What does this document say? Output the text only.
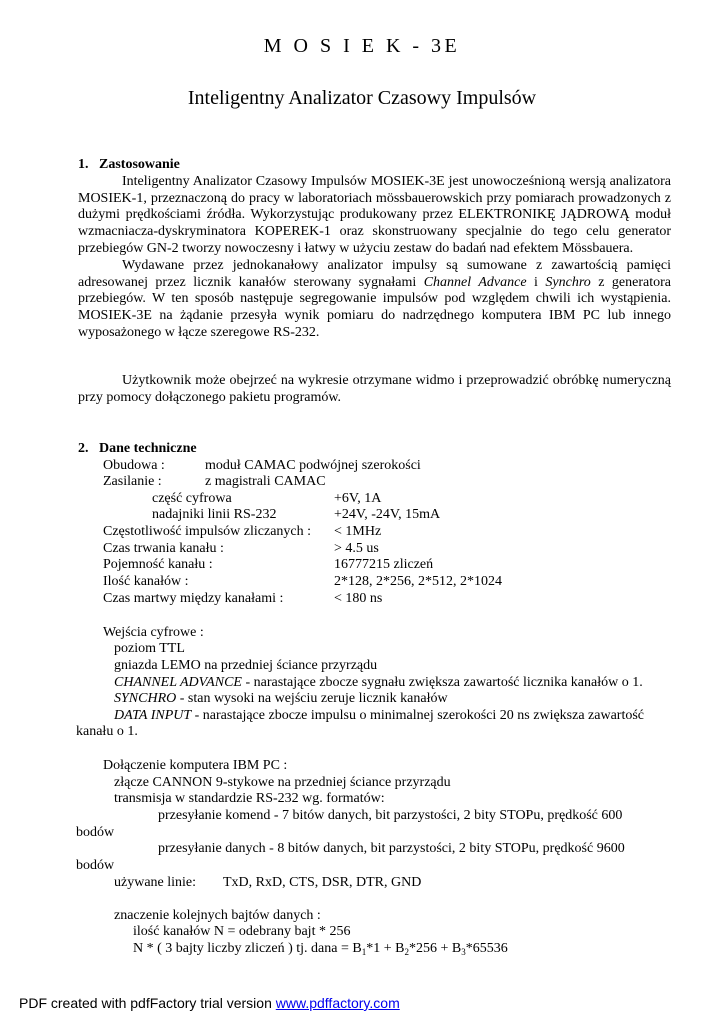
M O S I E K - 3E
Inteligentny Analizator Czasowy Impulsów

1. Zastosowanie

Inteligentny Analizator Czasowy Impulsów MOSIEK-3E jest unowocześnioną wersją analizatora MOSIEK-1, przeznaczoną do pracy w laboratoriach mössbauerowskich przy pomiarach prowadzonych z dużymi prędkościami źródła. Wykorzystując produkowany przez ELEKTRONIKĘ JĄDROWĄ moduł wzmacniacza-dyskryminatora KOPEREK-1 oraz skonstruowany specjalnie do tego celu generator przebiegów GN-2 tworzy nowoczesny i łatwy w użyciu zestaw do badań nad efektem Mössbauera.

Wydawane przez jednokanałowy analizator impulsy są sumowane z zawartością pamięci adresowanej przez licznik kanałów sterowany sygnałami Channel Advance i Synchro z generatora przebiegów. W ten sposób następuje segregowanie impulsów pod względem chwili ich wystąpienia. MOSIEK-3E na żądanie przesyła wynik pomiaru do nadrzędnego komputera IBM PC lub innego wyposażonego w łącze szeregowe RS-232.

Użytkownik może obejrzeć na wykresie otrzymane widmo i przeprowadzić obróbkę numeryczną przy pomocy dołączonego pakietu programów.

2. Dane techniczne

Obudowa :	moduł CAMAC podwójnej szerokości
Zasilanie :	z magistrali CAMAC
część cyfrowa	+6V, 1A
nadajniki linii RS-232	+24V, -24V, 15mA
Częstotliwość impulsów zliczanych : < 1MHz
Czas trwania kanału :	> 4.5 us
Pojemność kanału :	16777215 zliczeń
Ilość kanałów :	2*128, 2*256, 2*512, 2*1024
Czas martwy między kanałami :	< 180 ns
Wejścia cyfrowe :
poziom TTL
gniazda LEMO na przedniej ściance przyrządu
CHANNEL ADVANCE - narastające zbocze sygnału zwiększa zawartość licznika kanałów o 1.
SYNCHRO - stan wysoki na wejściu zeruje licznik kanałów
DATA INPUT - narastające zbocze impulsu o minimalnej szerokości 20 ns zwiększa zawartość
kanału o 1.
Dołączenie komputera IBM PC :
złącze CANNON 9-stykowe na przedniej ściance przyrządu
transmisja w standardzie RS-232 wg. formatów:
przesyłanie komend - 7 bitów danych, bit parzystości, 2 bity STOPu, prędkość 600
bodów
przesyłanie danych - 8 bitów danych, bit parzystości, 2 bity STOPu, prędkość 9600
bodów
używane linie: TxD, RxD, CTS, DSR, DTR, GND
znaczenie kolejnych bajtów danych :
ilość kanałów N = odebrany bajt * 256
N * ( 3 bajty liczby zliczeń ) tj. dana = $B_1*1 + B_2*256 + B_3*65536$
PDF created with pdfFactory trial version www.pdffactory.com
